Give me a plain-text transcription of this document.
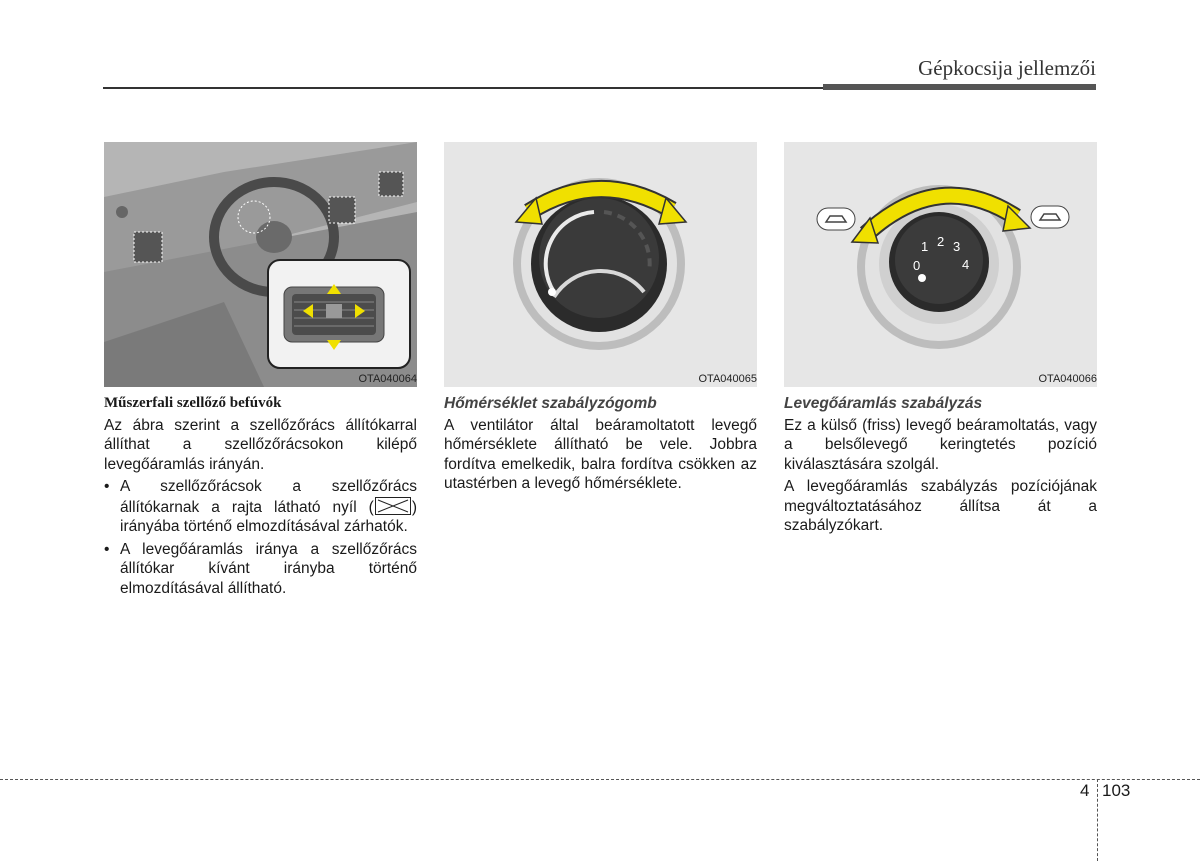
Gépkocsija jellemzői
OTA040064	OTA040065
0
1 2 3
4
OTA040066
Műszerfali szellőző befúvók

Az ábra szerint a szellőzőrács állítókarral állíthat a szellőzőrácsokon kilépő levegőáramlás irányán.

• A szellőzőrácsok a szellőzőrács állítókarnak a rajta látható nyíl ( ) irányába történő elmozdításával zárhatók.
• A levegőáramlás iránya a szellőzőrács állítókar kívánt irányba történő elmozdításával állítható.
Hőmérséklet szabályzógomb

A ventilátor által beáramoltatott levegő hőmérséklete állítható be vele. Jobbra fordítva emelkedik, balra fordítva csökken az utastérben a levegő hőmérséklete.

Levegőáramlás szabályzás

Ez a külső (friss) levegő beáramoltatás, vagy a belsőlevegő keringtetés pozíció kiválasztására szolgál.

A levegőáramlás szabályzás pozíciójának megváltoztatásához állítsa át a szabályzókart.

4 103
